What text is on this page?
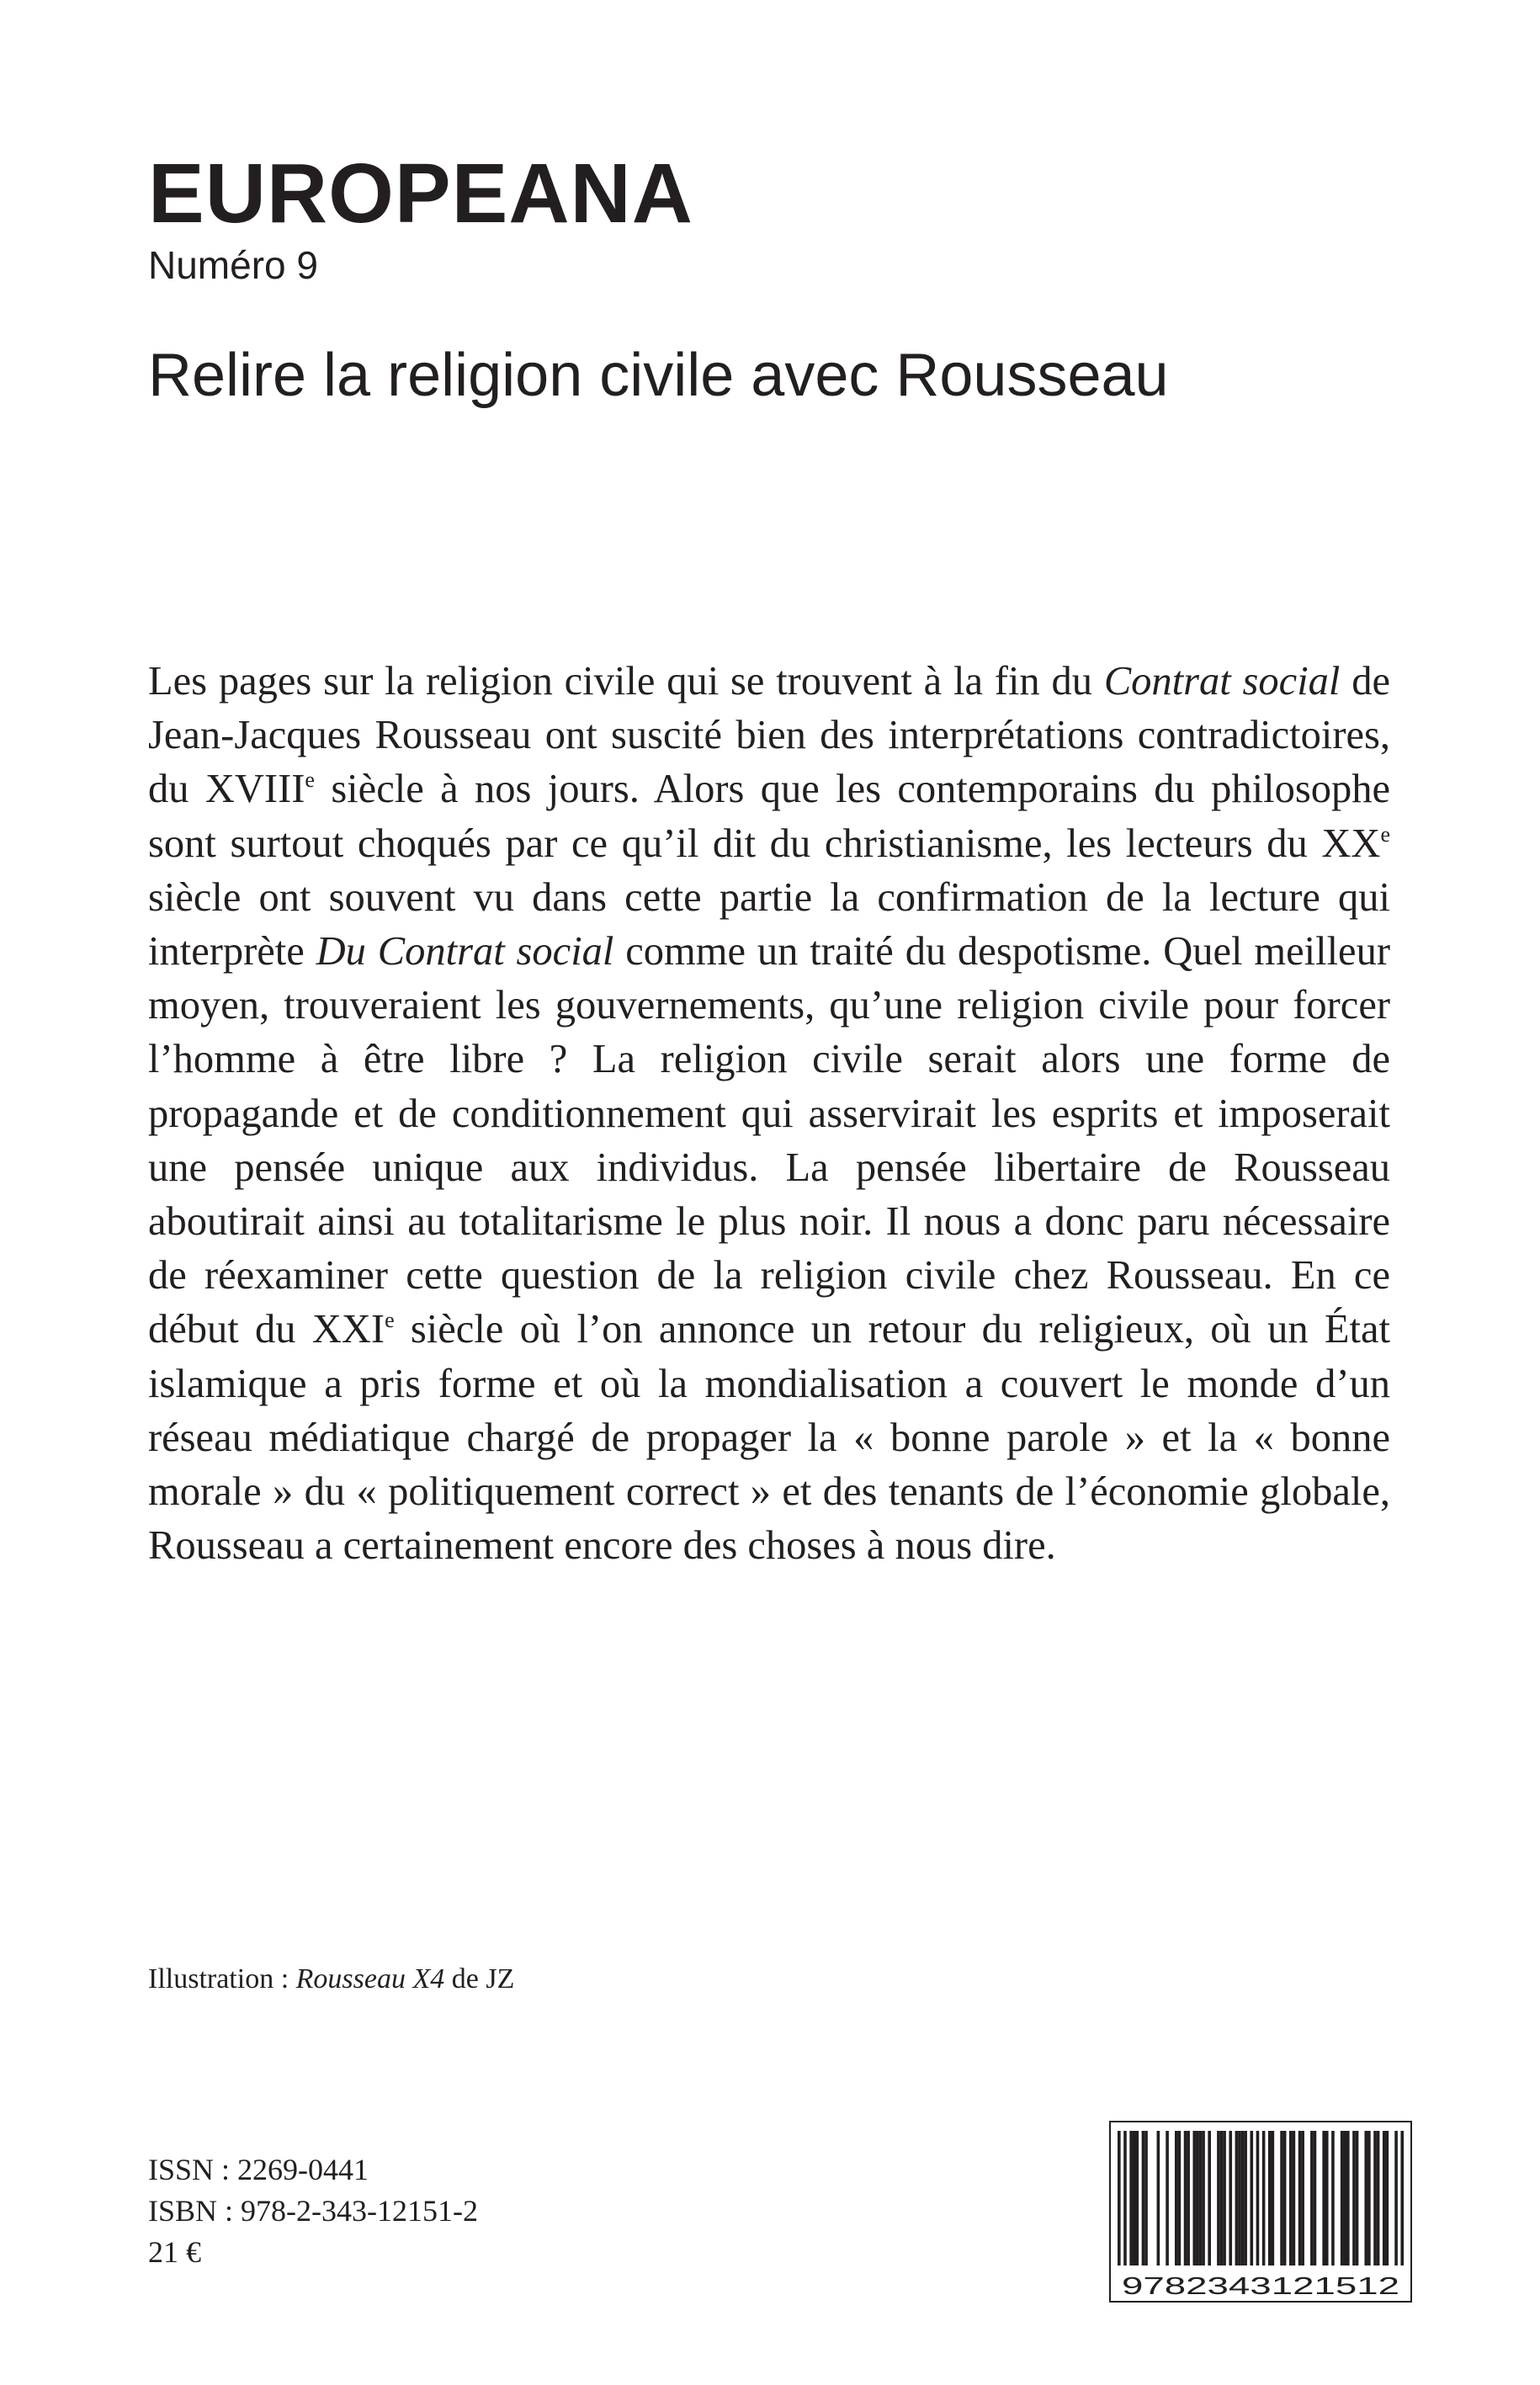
EUROPEANA
Numéro 9
Relire la religion civile avec Rousseau

Les pages sur la religion civile qui se trouvent à la fin du Contrat social de Jean-Jacques Rousseau ont suscité bien des interprétations contradictoires, du XVIIIe siècle à nos jours. Alors que les contemporains du philosophe sont surtout choqués par ce qu’il dit du christianisme, les lecteurs du XXe siècle ont souvent vu dans cette partie la confirmation de la lecture qui interprète Du Contrat social comme un traité du despotisme. Quel meilleur moyen, trouveraient les gouvernements, qu’une religion civile pour forcer l’homme à être libre ? La religion civile serait alors une forme de propagande et de conditionnement qui asservirait les esprits et imposerait une pensée unique aux individus. La pensée libertaire de Rousseau aboutirait ainsi au totalitarisme le plus noir. Il nous a donc paru nécessaire de réexaminer cette question de la religion civile chez Rousseau. En ce début du XXIe siècle où l’on annonce un retour du religieux, où un État islamique a pris forme et où la mondialisation a couvert le monde d’un réseau médiatique chargé de propager la « bonne parole » et la « bonne morale » du « politiquement correct » et des tenants de l’économie globale, Rousseau a certainement encore des choses à nous dire.

Illustration : Rousseau X4 de JZ
ISSN : 2269-0441
ISBN : 978-2-343-12151-2
21 €
9782343121512
